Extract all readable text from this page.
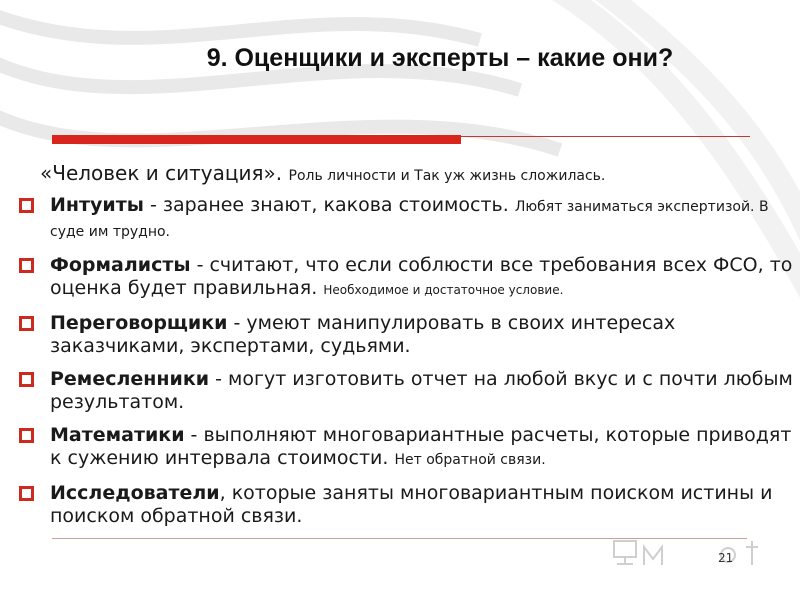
9. Оценщики и эксперты – какие они?
«Человек и ситуация». Роль личности и Так уж жизнь сложилась.
Интуиты - заранее знают, какова стоимость. Любят заниматься экспертизой. В суде им трудно.
Формалисты - считают, что если соблюсти все требования всех ФСО, то оценка будет правильная. Необходимое и достаточное условие.
Переговорщики - умеют манипулировать в своих интересах заказчиками, экспертами, судьями.
Ремесленники - могут изготовить отчет на любой вкус и с почти любым результатом.
Математики - выполняют многовариантные расчеты, которые приводят к сужению интервала стоимости. Нет обратной связи.
Исследователи, которые заняты многовариантным поиском истины и поиском обратной связи.
21
